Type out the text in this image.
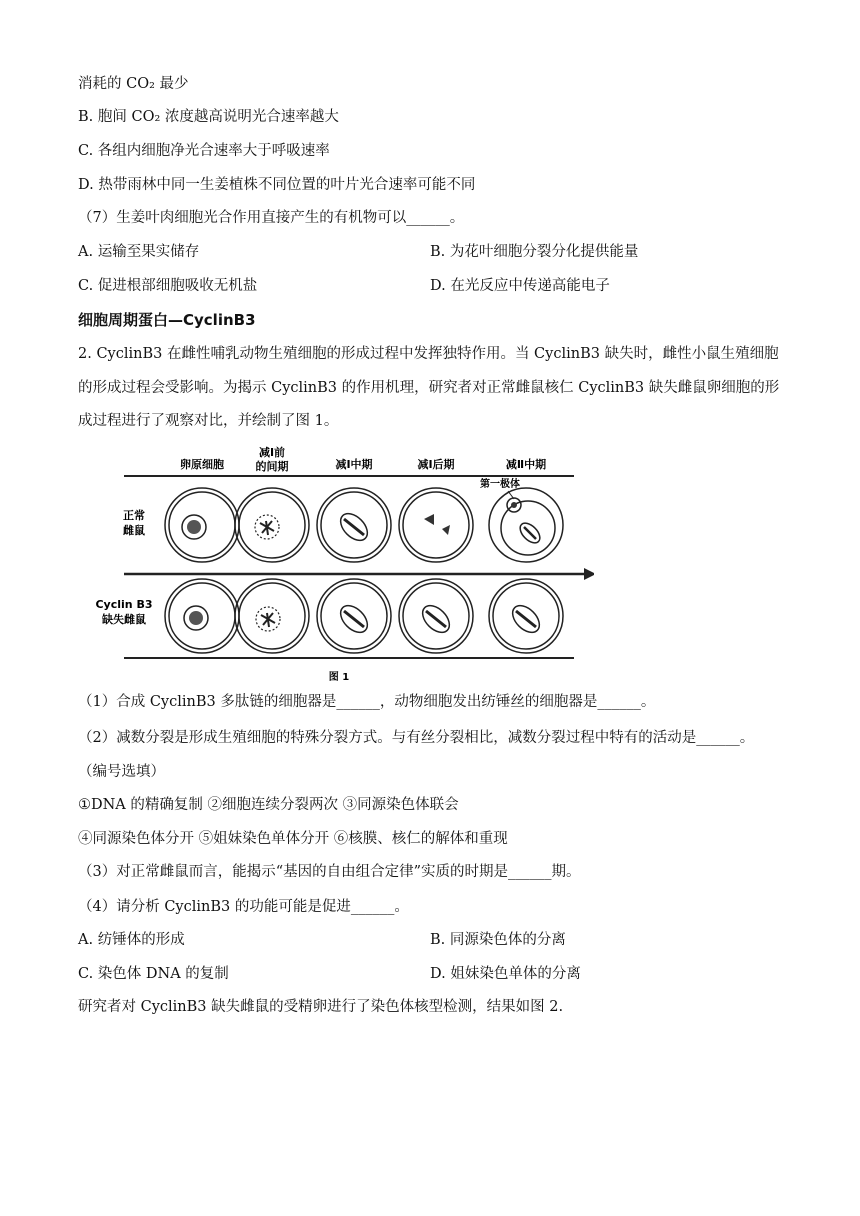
消耗的 CO₂ 最少
B. 胞间 CO₂ 浓度越高说明光合速率越大
C. 各组内细胞净光合速率大于呼吸速率
D. 热带雨林中同一生姜植株不同位置的叶片光合速率可能不同
（7）生姜叶肉细胞光合作用直接产生的有机物可以______。
A. 运输至果实储存	B. 为花叶细胞分裂分化提供能量
C. 促进根部细胞吸收无机盐	D. 在光反应中传递高能电子
细胞周期蛋白—CyclinB3
2. CyclinB3 在雌性哺乳动物生殖细胞的形成过程中发挥独特作用。当 CyclinB3 缺失时，雌性小鼠生殖细胞
的形成过程会受影响。为揭示 CyclinB3 的作用机理，研究者对正常雌鼠核仁 CyclinB3 缺失雌鼠卵细胞的形
成过程进行了观察对比，并绘制了图 1。
卵原细胞
减Ⅰ前
的间期	减Ⅰ中期	减Ⅰ后期	减Ⅱ中期
正常
雌鼠
Cyclin B3
缺失雌鼠
第一极体
图 1
（1）合成 CyclinB3 多肽链的细胞器是______，动物细胞发出纺锤丝的细胞器是______。
（2）减数分裂是形成生殖细胞的特殊分裂方式。与有丝分裂相比，减数分裂过程中特有的活动是______。
（编号选填）
①DNA 的精确复制 ②细胞连续分裂两次 ③同源染色体联会
④同源染色体分开 ⑤姐妹染色单体分开 ⑥核膜、核仁的解体和重现
（3）对正常雌鼠而言，能揭示“基因的自由组合定律”实质的时期是______期。
（4）请分析 CyclinB3 的功能可能是促进______。
A. 纺锤体的形成	B. 同源染色体的分离
C. 染色体 DNA 的复制	D. 姐妹染色单体的分离
研究者对 CyclinB3 缺失雌鼠的受精卵进行了染色体核型检测，结果如图 2.
